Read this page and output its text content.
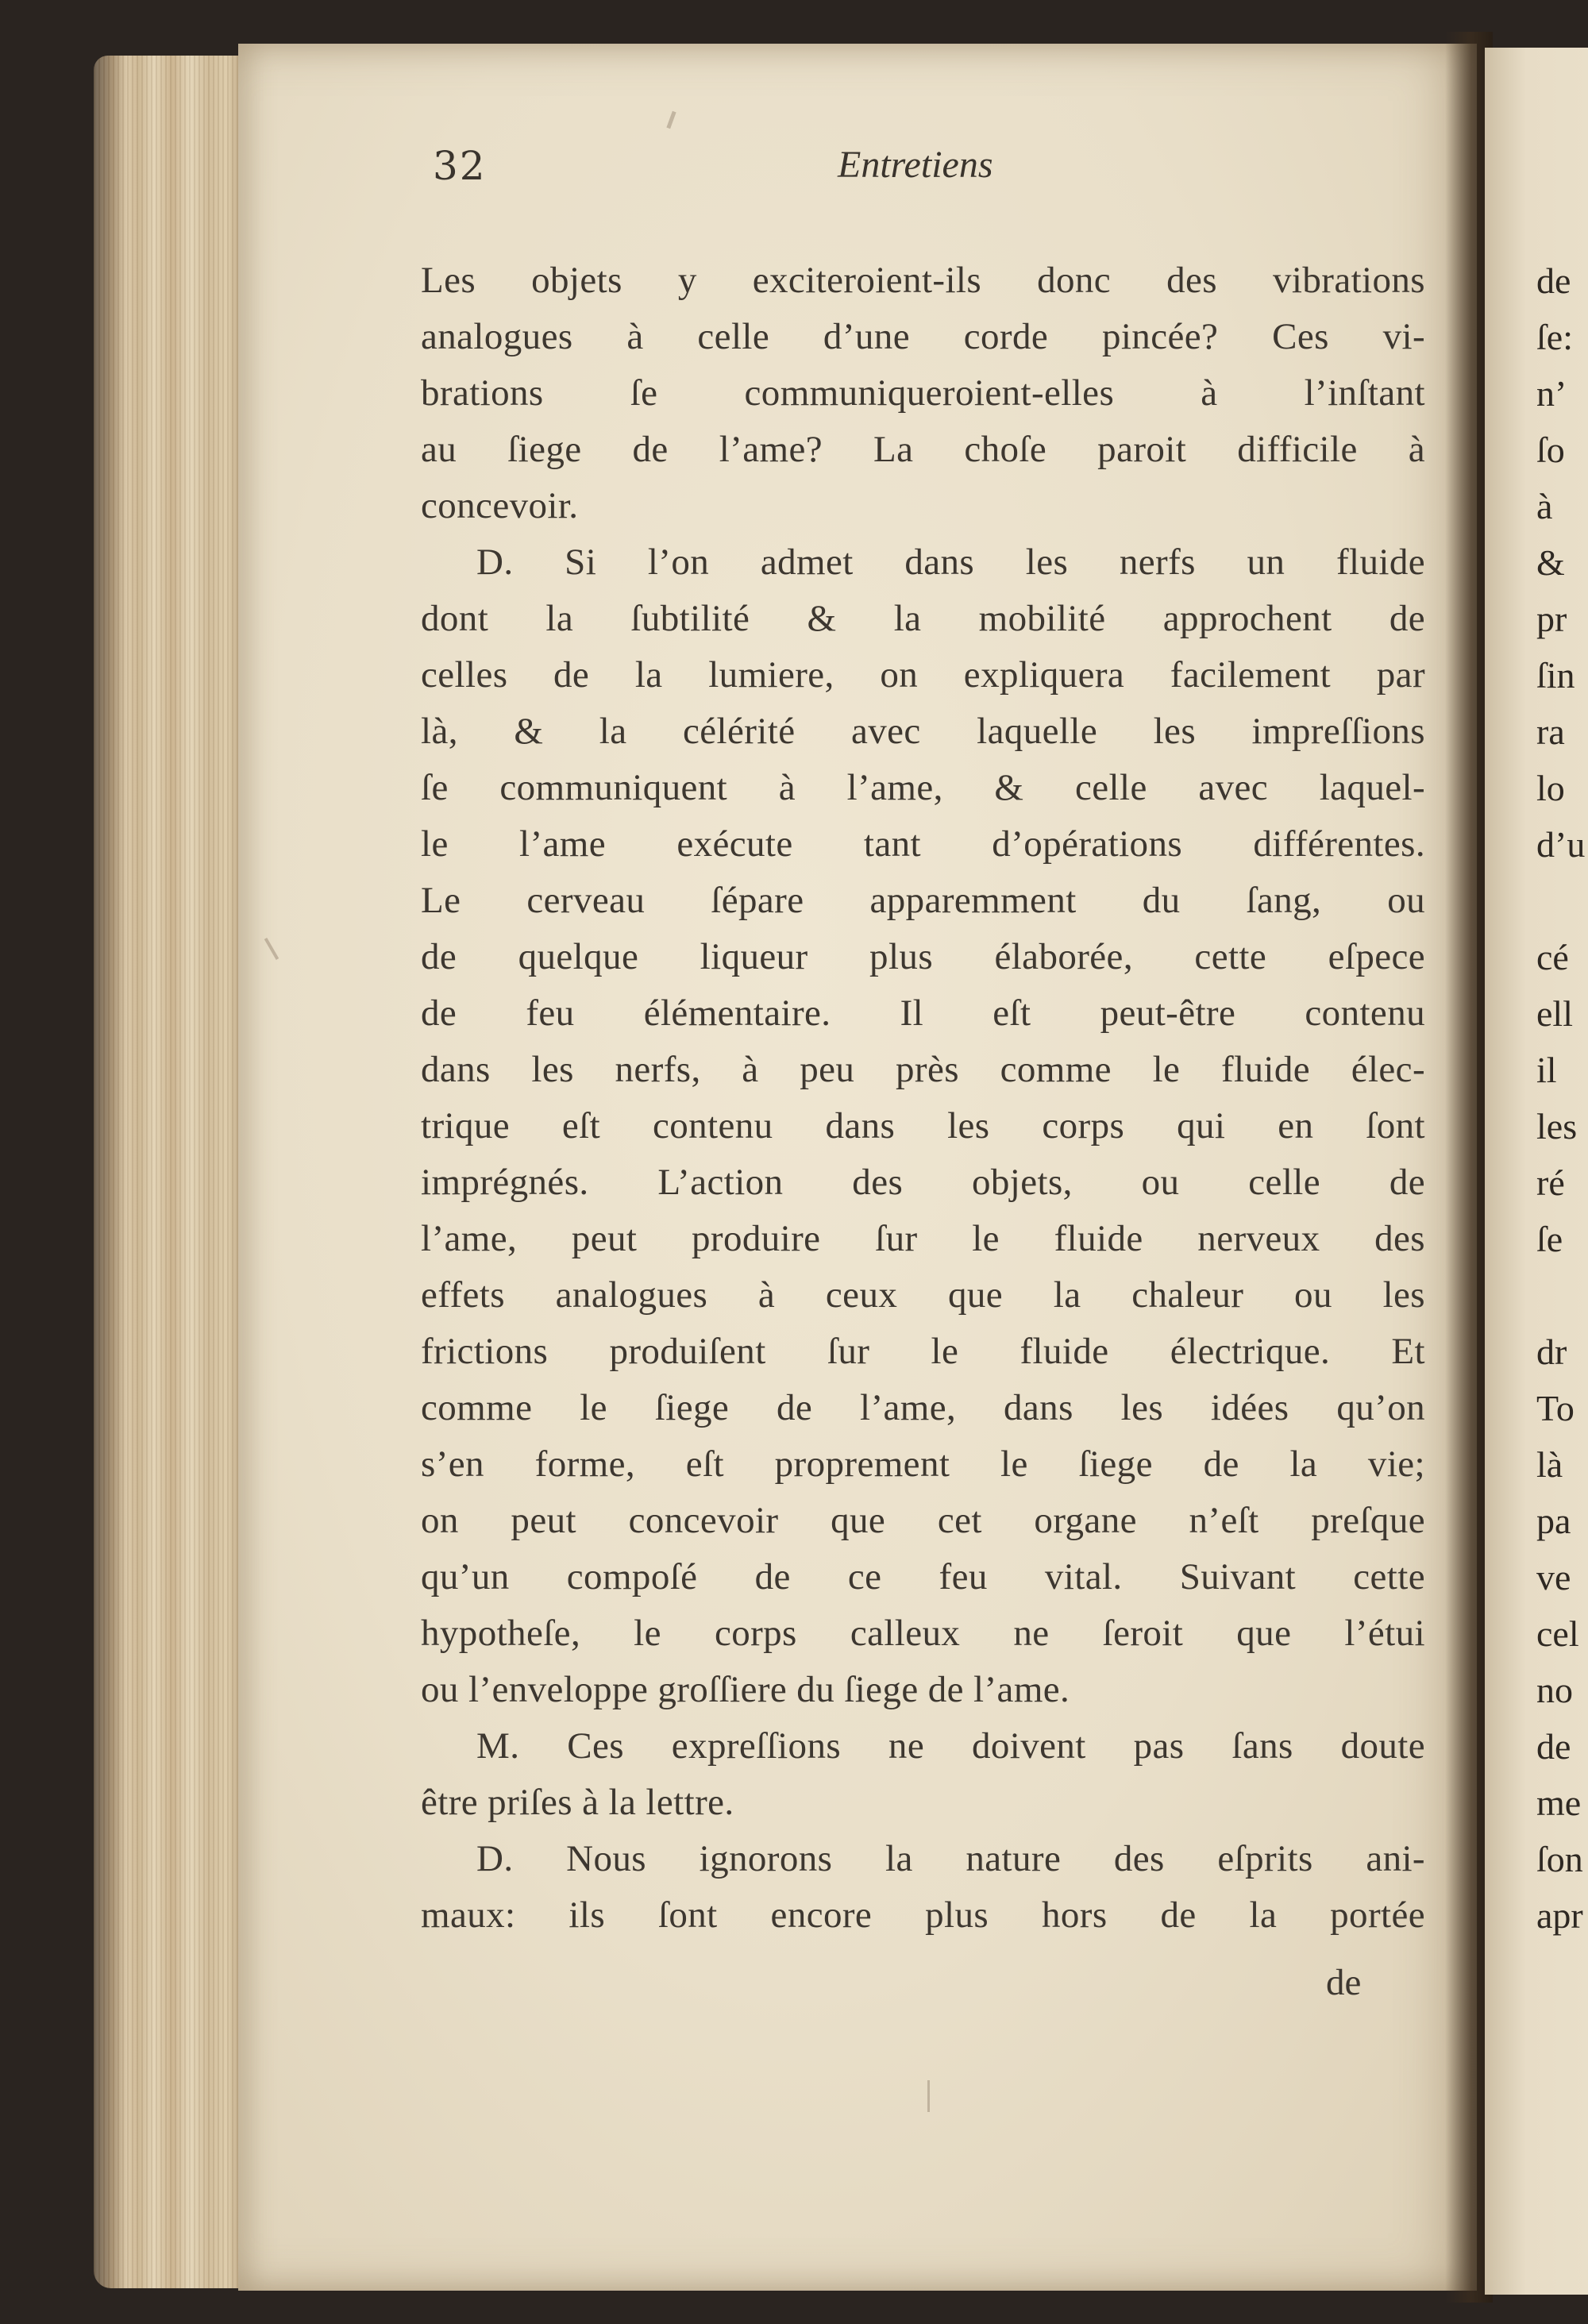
32	Entretiens
Les objets y exciteroient-ils donc des vibrations
analogues à celle d’une corde pincée? Ces vi-
brations ſe communiqueroient-elles à l’inſtant
au ſiege de l’ame? La choſe paroit difficile à
concevoir.
D. Si l’on admet dans les nerfs un fluide
dont la ſubtilité & la mobilité approchent de
celles de la lumiere, on expliquera facilement par
là, & la célérité avec laquelle les impreſſions
ſe communiquent à l’ame, & celle avec laquel-
le l’ame exécute tant d’opérations différentes.
Le cerveau ſépare apparemment du ſang, ou
de quelque liqueur plus élaborée, cette eſpece
de feu élémentaire. Il eſt peut-être contenu
dans les nerfs, à peu près comme le fluide élec-
trique eſt contenu dans les corps qui en ſont
imprégnés. L’action des objets, ou celle de
l’ame, peut produire ſur le fluide nerveux des
effets analogues à ceux que la chaleur ou les
frictions produiſent ſur le fluide électrique. Et
comme le ſiege de l’ame, dans les idées qu’on
s’en forme, eſt proprement le ſiege de la vie;
on peut concevoir que cet organe n’eſt preſque
qu’un compoſé de ce feu vital. Suivant cette
hypotheſe, le corps calleux ne ſeroit que l’étui
ou l’enveloppe groſſiere du ſiege de l’ame.
M. Ces expreſſions ne doivent pas ſans doute
être priſes à la lettre.
D. Nous ignorons la nature des eſprits ani-
maux: ils ſont encore plus hors de la portée
de
de
ſe:
n’
ſo
à
&
pr
ſin
ra
lo
d’u
cé
ell
il
les
ré
ſe
dr
To
là
pa
ve
cel
no
de
me
ſon
apr
